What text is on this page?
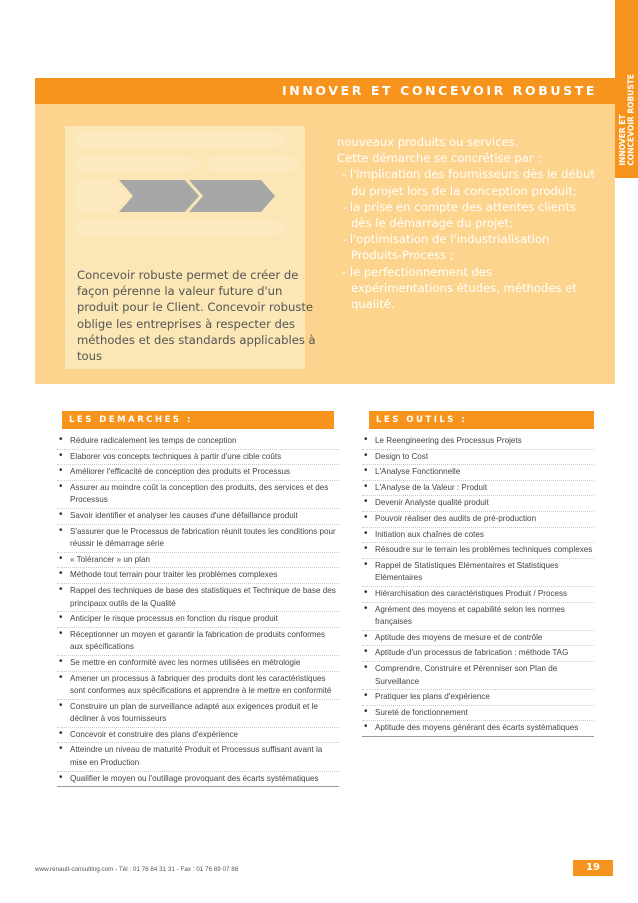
INNOVER ET CONCEVOIR ROBUSTE
INNOVER ET CONCEVOIR ROBUSTE
Concevoir robuste permet de créer de façon pérenne la valeur future d'un produit pour le Client. Concevoir robuste oblige les entreprises à respecter des méthodes et des standards applicables à tous

nouveaux produits ou services.

Cette démarche se concrétise par :

- l'implication des fournisseurs dès le début du projet lors de la conception produit;

- la prise en compte des attentes clients dès le démarrage du projet;

- l'optimisation de l'industrialisation Produits-Process ;

- le perfectionnement des expérimentations études, méthodes et qualité.

LES DEMARCHES :
• Réduire radicalement les temps de conception
• Elaborer vos concepts techniques à partir d'une cible coûts
• Améliorer l'efficacité de conception des produits et Processus
• Assurer au moindre coût la conception des produits, des services et des Processus
• Savoir identifier et analyser les causes d'une défaillance produit
• S'assurer que le Processus de fabrication réunit toutes les conditions pour réussir le démarrage série
• « Tolérancer » un plan
• Méthode tout terrain pour traiter les problèmes complexes
• Rappel des techniques de base des statistiques et Technique de base des principaux outils de la Qualité
• Anticiper le risque processus en fonction du risque produit
• Réceptionner un moyen et garantir la fabrication de produits conformes aux spécifications
• Se mettre en conformité avec les normes utilisées en métrologie
• Amener un processus à fabriquer des produits dont les caractéristiques sont conformes aux spécifications et apprendre à le mettre en conformité
• Construire un plan de surveillance adapté aux exigences produit et le décliner à vos fournisseurs
• Concevoir et construire des plans d'expérience
• Atteindre un niveau de maturité Produit et Processus suffisant avant la mise en Production
• Qualifier le moyen ou l'outillage provoquant des écarts systématiques
LES OUTILS :
• Le Reengineering des Processus Projets
• Design to Cost
• L'Analyse Fonctionnelle
• L'Analyse de la Valeur : Produit
• Devenir Analyste qualité produit
• Pouvoir réaliser des audits de pré-production
• Initiation aux chaînes de cotes
• Résoudre sur le terrain les problèmes techniques complexes
• Rappel de Statistiques Elémentaires et Statistiques Elémentaires
• Hiérarchisation des caractéristiques Produit / Process
• Agrément des moyens et capabilité selon les normes françaises
• Aptitude des moyens de mesure et de contrôle
• Aptitude d'un processus de fabrication : méthode TAG
• Comprendre, Construire et Pérenniser son Plan de Surveillance
• Pratiquer les plans d'expérience
• Sureté de fonctionnement
• Aptitude des moyens générant des écarts systématiques
www.renault-consulting.com - Tél : 01 76 84 31 31 - Fax : 01 76 89 07 88	19
